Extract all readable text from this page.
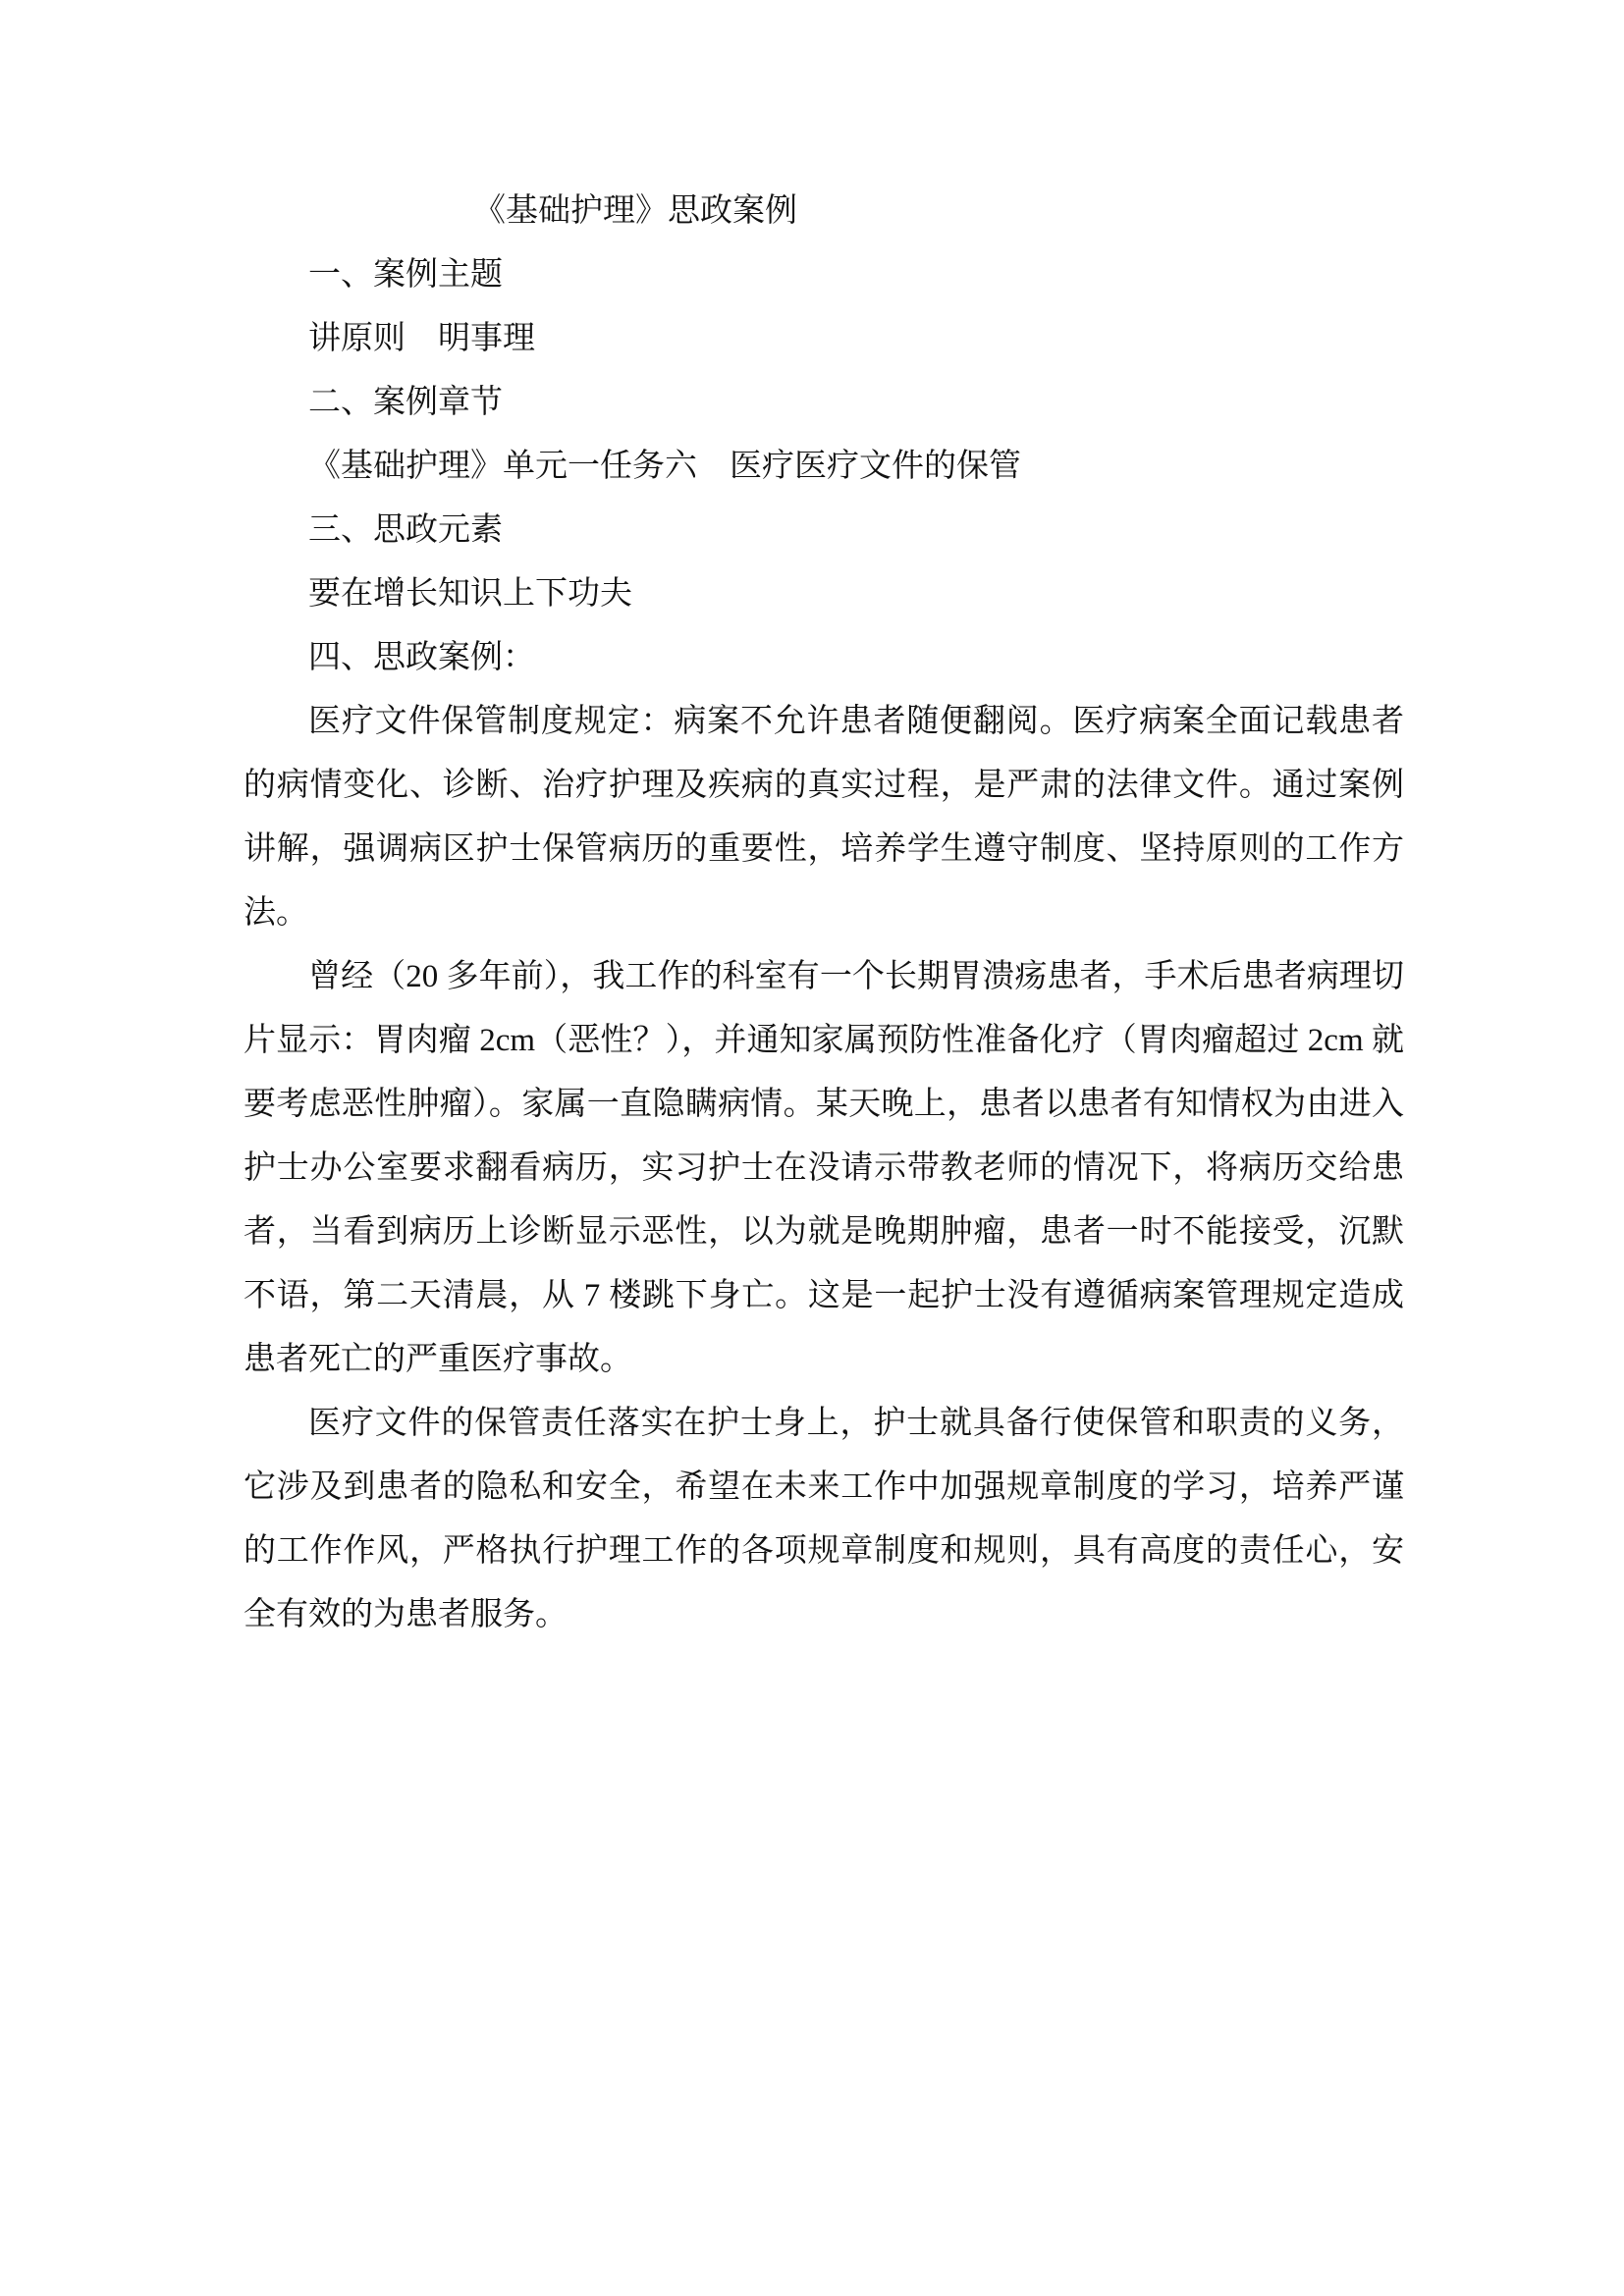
《基础护理》思政案例

一、案例主题

讲原则　明事理

二、案例章节

《基础护理》单元一任务六　医疗医疗文件的保管

三、思政元素

要在增长知识上下功夫

四、思政案例：

医疗文件保管制度规定：病案不允许患者随便翻阅。医疗病案全面记载患者的病情变化、诊断、治疗护理及疾病的真实过程，是严肃的法律文件。通过案例讲解，强调病区护士保管病历的重要性，培养学生遵守制度、坚持原则的工作方法。

曾经（20 多年前），我工作的科室有一个长期胃溃疡患者，手术后患者病理切片显示：胃肉瘤 2cm（恶性？），并通知家属预防性准备化疗（胃肉瘤超过 2cm 就要考虑恶性肿瘤）。家属一直隐瞒病情。某天晚上，患者以患者有知情权为由进入护士办公室要求翻看病历，实习护士在没请示带教老师的情况下，将病历交给患者，当看到病历上诊断显示恶性，以为就是晚期肿瘤，患者一时不能接受，沉默不语，第二天清晨，从 7 楼跳下身亡。这是一起护士没有遵循病案管理规定造成患者死亡的严重医疗事故。

医疗文件的保管责任落实在护士身上，护士就具备行使保管和职责的义务，它涉及到患者的隐私和安全，希望在未来工作中加强规章制度的学习，培养严谨的工作作风，严格执行护理工作的各项规章制度和规则，具有高度的责任心，安全有效的为患者服务。
